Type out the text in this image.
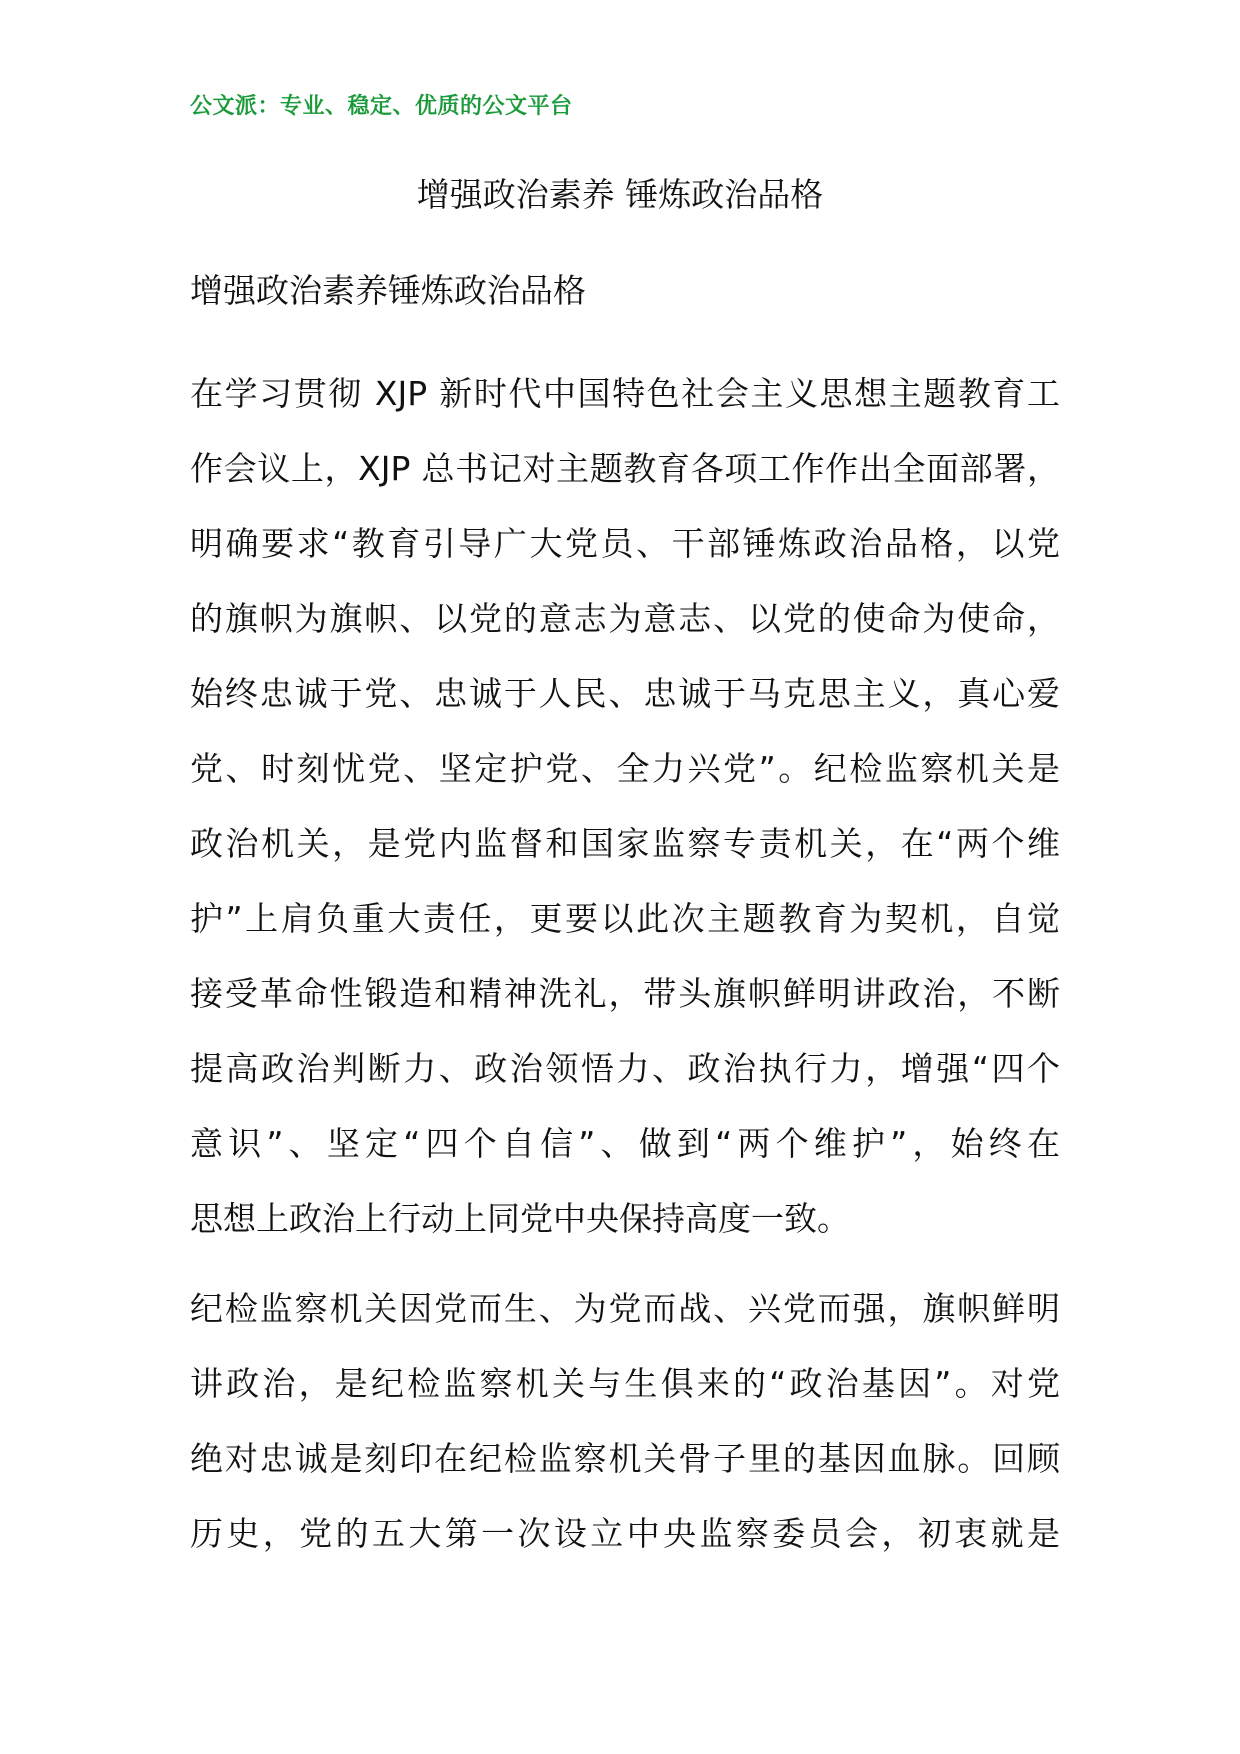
公文派：专业、稳定、优质的公文平台
增强政治素养 锤炼政治品格
增强政治素养锤炼政治品格

在学习贯彻 XJP 新时代中国特色社会主义思想主题教育工
作会议上，XJP 总书记对主题教育各项工作作出全面部署，
明确要求“教育引导广大党员、干部锤炼政治品格，以党
的旗帜为旗帜、以党的意志为意志、以党的使命为使命，
始终忠诚于党、忠诚于人民、忠诚于马克思主义，真心爱
党、时刻忧党、坚定护党、全力兴党”。纪检监察机关是
政治机关，是党内监督和国家监察专责机关，在“两个维
护”上肩负重大责任，更要以此次主题教育为契机，自觉
接受革命性锻造和精神洗礼，带头旗帜鲜明讲政治，不断
提高政治判断力、政治领悟力、政治执行力，增强“四个
意识”、坚定“四个自信”、做到“两个维护”，始终在
思想上政治上行动上同党中央保持高度一致。

纪检监察机关因党而生、为党而战、兴党而强，旗帜鲜明
讲政治，是纪检监察机关与生俱来的“政治基因”。对党
绝对忠诚是刻印在纪检监察机关骨子里的基因血脉。回顾
历史，党的五大第一次设立中央监察委员会，初衷就是
